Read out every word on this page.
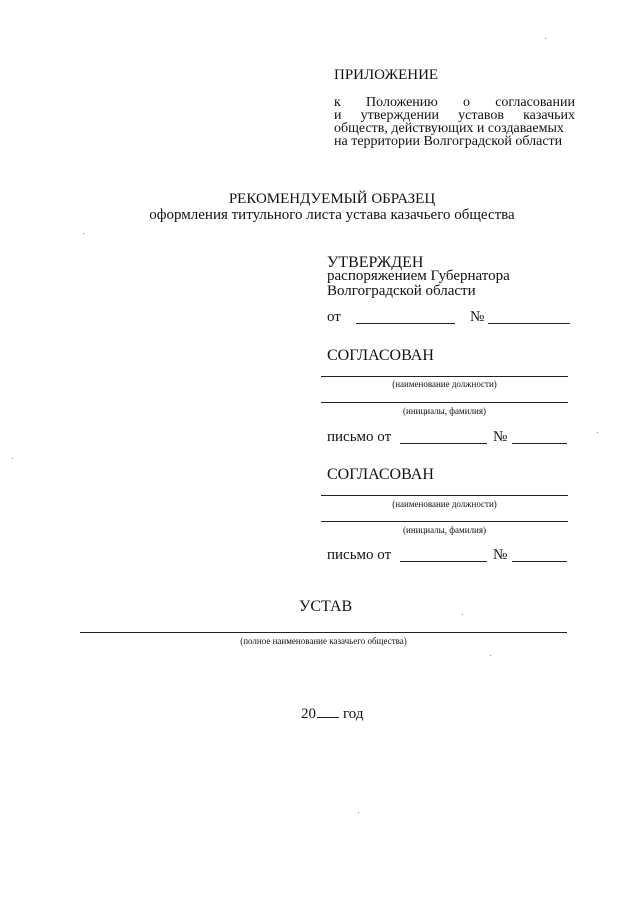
ПРИЛОЖЕНИЕ
к Положению о согласовании
и утверждении уставов казачьих
обществ, действующих и создаваемых
на территории Волгоградской области
РЕКОМЕНДУЕМЫЙ ОБРАЗЕЦ
оформления титульного листа устава казачьего общества
УТВЕРЖДЕН
распоряжением Губернатора
Волгоградской области
от	№
СОГЛАСОВАН
(наименование должности)
(инициалы, фамилия)
письмо от	№
СОГЛАСОВАН
(наименование должности)
(инициалы, фамилия)
письмо от	№
УСТАВ
(полное наименование казачьего общества)
20 год
